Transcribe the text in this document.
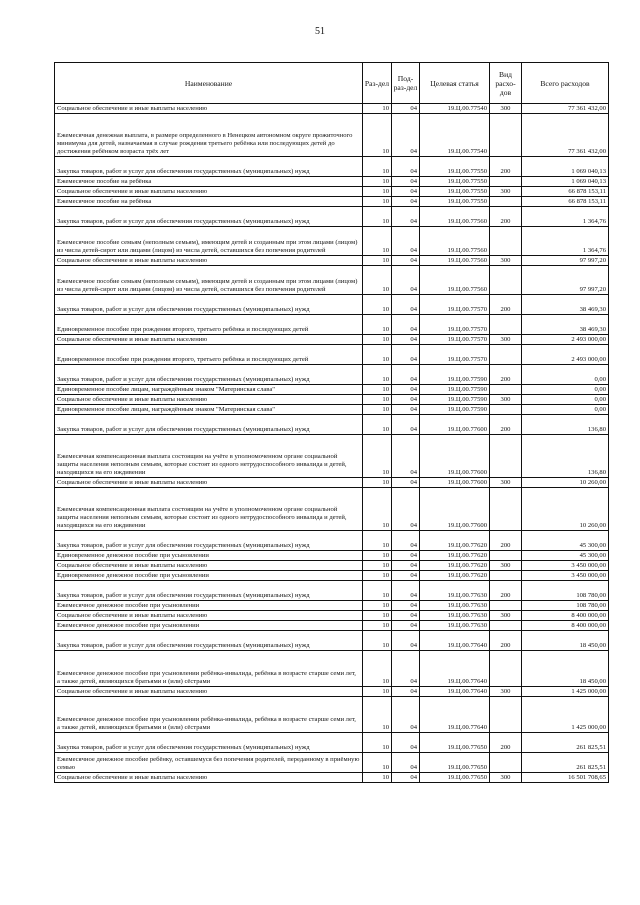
51
Наименование	Раз-дел	Под-раз-дел	Целевая статья	Вид расхо-дов	Всего расходов
Социальное обеспечение и иные выплаты населению	10	04	19.Ц.00.77540	300	77 361 432,00
Ежемесячная денежная выплата, в размере определенного в Ненецком автономном округе прожиточного минимума для детей, назначаемая в случае рождения третьего ребёнка или последующих детей до достижения ребёнком возраста трёх лет	10	04	19.Ц.00.77540		77 361 432,00
Закупка товаров, работ и услуг для обеспечения государственных (муниципальных) нужд	10	04	19.Ц.00.77550	200	1 069 040,13
Ежемесячное пособие на ребёнка	10	04	19.Ц.00.77550		1 069 040,13
Социальное обеспечение и иные выплаты населению	10	04	19.Ц.00.77550	300	66 878 153,11
Ежемесячное пособие на ребёнка	10	04	19.Ц.00.77550		66 878 153,11
Закупка товаров, работ и услуг для обеспечения государственных (муниципальных) нужд	10	04	19.Ц.00.77560	200	1 364,76
Ежемесячное пособие семьям (неполным семьям), имеющим детей и созданным при этом лицами (лицом) из числа детей-сирот или лицами (лицом) из числа детей, оставшихся без попечения родителей	10	04	19.Ц.00.77560		1 364,76
Социальное обеспечение и иные выплаты населению	10	04	19.Ц.00.77560	300	97 997,20
Ежемесячное пособие семьям (неполным семьям), имеющим детей и созданным при этом лицами (лицом) из числа детей-сирот или лицами (лицом) из числа детей, оставшихся без попечения родителей	10	04	19.Ц.00.77560		97 997,20
Закупка товаров, работ и услуг для обеспечения государственных (муниципальных) нужд	10	04	19.Ц.00.77570	200	38 469,30
Единовременное пособие при рождении второго, третьего ребёнка и последующих детей	10	04	19.Ц.00.77570		38 469,30
Социальное обеспечение и иные выплаты населению	10	04	19.Ц.00.77570	300	2 493 000,00
Единовременное пособие при рождении второго, третьего ребёнка и последующих детей	10	04	19.Ц.00.77570		2 493 000,00
Закупка товаров, работ и услуг для обеспечения государственных (муниципальных) нужд	10	04	19.Ц.00.77590	200	0,00
Единовременное пособие лицам, награждённым знаком "Материнская слава"	10	04	19.Ц.00.77590		0,00
Социальное обеспечение и иные выплаты населению	10	04	19.Ц.00.77590	300	0,00
Единовременное пособие лицам, награждённым знаком "Материнская слава"	10	04	19.Ц.00.77590		0,00
Закупка товаров, работ и услуг для обеспечения государственных (муниципальных) нужд	10	04	19.Ц.00.77600	200	136,80
Ежемесячная компенсационная выплата состоящим на учёте в уполномоченном органе социальной защиты населения неполным семьям, которые состоят из одного нетрудоспособного инвалида и детей, находящихся на его иждивении	10	04	19.Ц.00.77600		136,80
Социальное обеспечение и иные выплаты населению	10	04	19.Ц.00.77600	300	10 260,00
Ежемесячная компенсационная выплата состоящим на учёте в уполномоченном органе социальной защиты населения неполным семьям, которые состоят из одного нетрудоспособного инвалида и детей, находящихся на его иждивении	10	04	19.Ц.00.77600		10 260,00
Закупка товаров, работ и услуг для обеспечения государственных (муниципальных) нужд	10	04	19.Ц.00.77620	200	45 300,00
Единовременное денежное пособие при усыновлении	10	04	19.Ц.00.77620		45 300,00
Социальное обеспечение и иные выплаты населению	10	04	19.Ц.00.77620	300	3 450 000,00
Единовременное денежное пособие при усыновлении	10	04	19.Ц.00.77620		3 450 000,00
Закупка товаров, работ и услуг для обеспечения государственных (муниципальных) нужд	10	04	19.Ц.00.77630	200	108 780,00
Ежемесячное денежное пособие при усыновлении	10	04	19.Ц.00.77630		108 780,00
Социальное обеспечение и иные выплаты населению	10	04	19.Ц.00.77630	300	8 400 000,00
Ежемесячное денежное пособие при усыновлении	10	04	19.Ц.00.77630		8 400 000,00
Закупка товаров, работ и услуг для обеспечения государственных (муниципальных) нужд	10	04	19.Ц.00.77640	200	18 450,00
Ежемесячное денежное пособие при усыновлении ребёнка-инвалида, ребёнка в возрасте старше семи лет, а также детей, являющихся братьями и (или) сёстрами	10	04	19.Ц.00.77640		18 450,00
Социальное обеспечение и иные выплаты населению	10	04	19.Ц.00.77640	300	1 425 000,00
Ежемесячное денежное пособие при усыновлении ребёнка-инвалида, ребёнка в возрасте старше семи лет, а также детей, являющихся братьями и (или) сёстрами	10	04	19.Ц.00.77640		1 425 000,00
Закупка товаров, работ и услуг для обеспечения государственных (муниципальных) нужд	10	04	19.Ц.00.77650	200	261 825,51
Ежемесячное денежное пособие ребёнку, оставшемуся без попечения родителей, переданному в приёмную семью	10	04	19.Ц.00.77650		261 825,51
Социальное обеспечение и иные выплаты населению	10	04	19.Ц.00.77650	300	16 501 708,65
